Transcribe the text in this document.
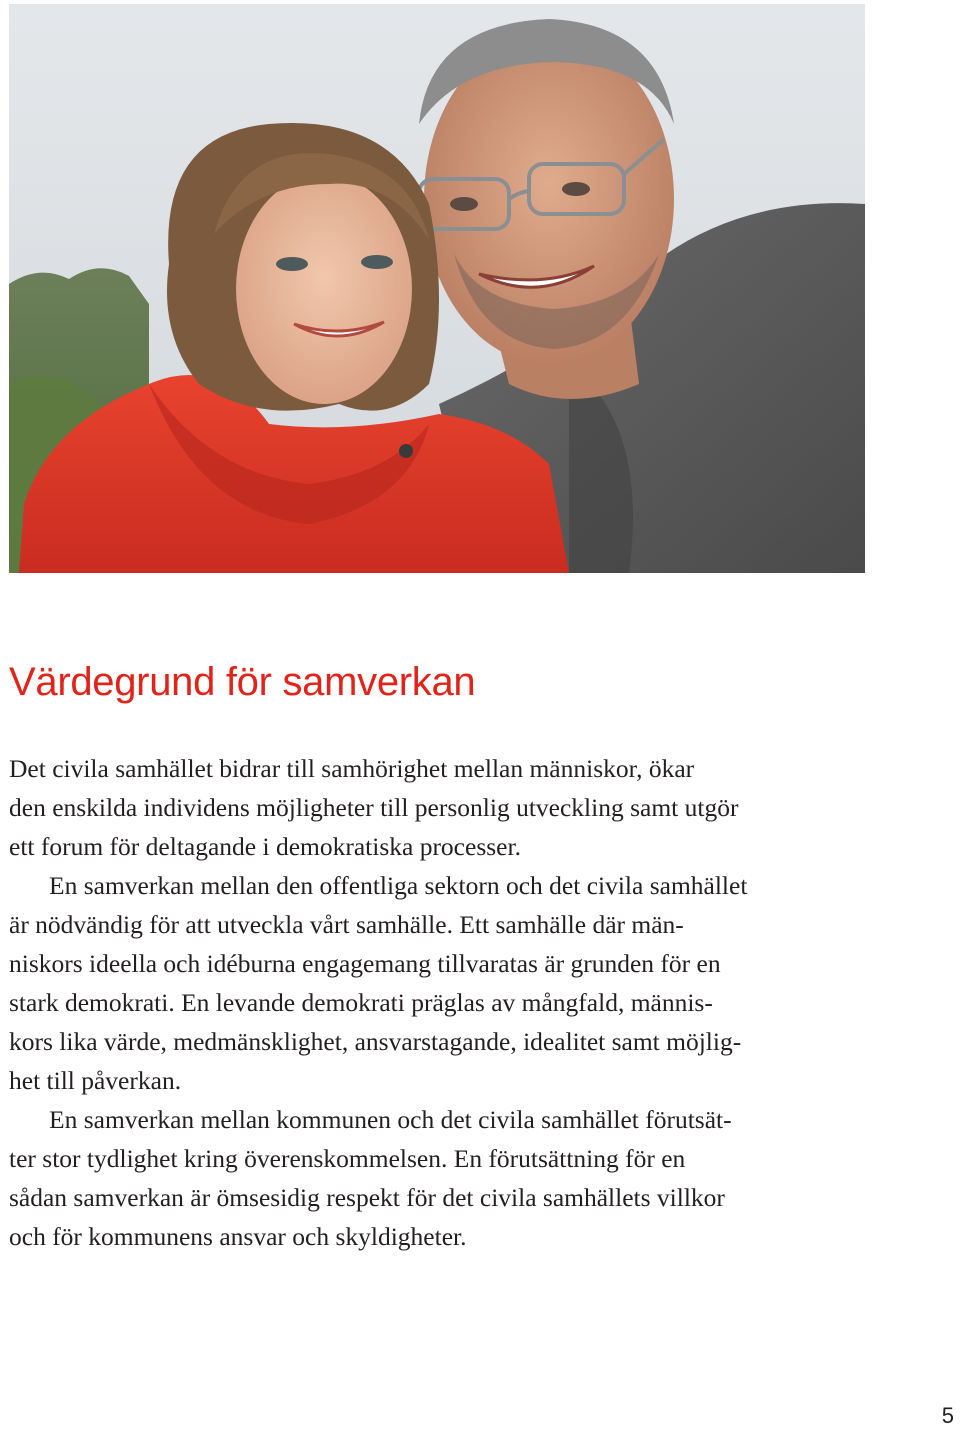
Värdegrund för samverkan
Det civila samhället bidrar till samhörighet mellan människor, ökar
den enskilda individens möjligheter till personlig utveckling samt utgör
ett forum för deltagande i demokratiska processer.
En samverkan mellan den offentliga sektorn och det civila samhället
är nödvändig för att utveckla vårt samhälle. Ett samhälle där män-
niskors ideella och idéburna engagemang tillvaratas är grunden för en
stark demokrati. En levande demokrati präglas av mångfald, männis-
kors lika värde, medmänsklighet, ansvarstagande, idealitet samt möjlig-
het till påverkan.
En samverkan mellan kommunen och det civila samhället förutsät-
ter stor tydlighet kring överenskommelsen. En förutsättning för en
sådan samverkan är ömsesidig respekt för det civila samhällets villkor
och för kommunens ansvar och skyldigheter.
5
